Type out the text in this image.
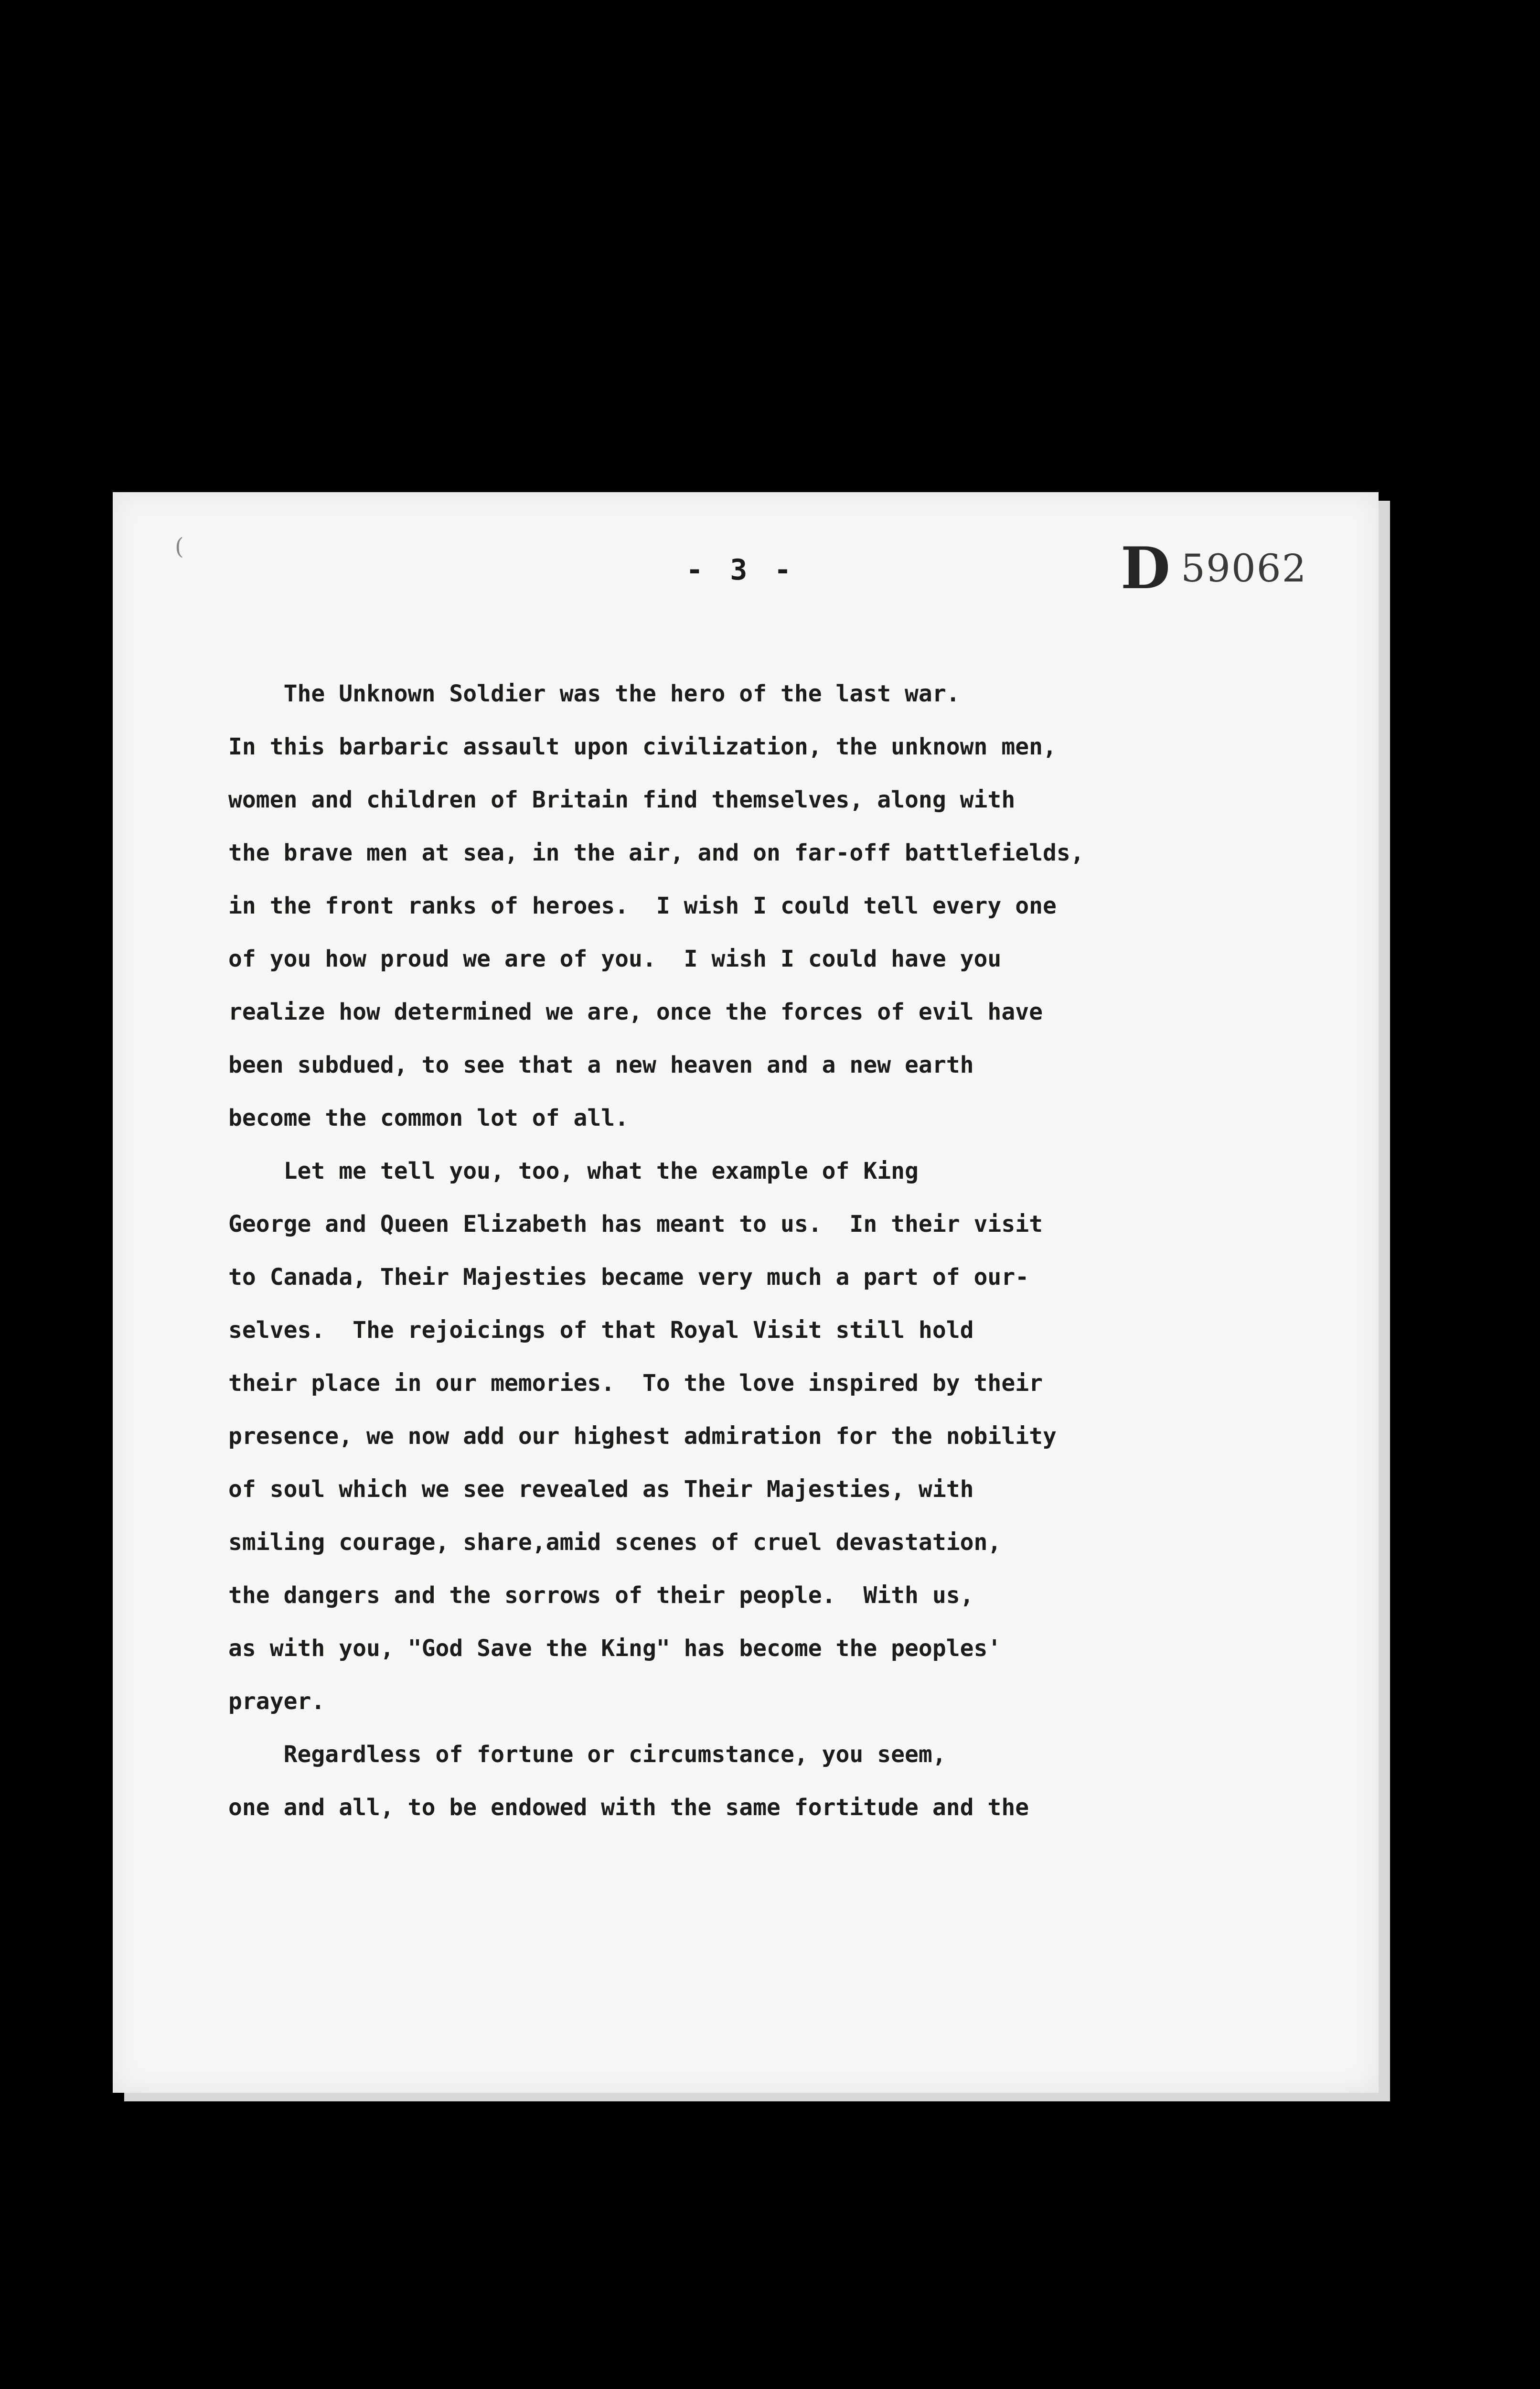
(
- 3 -	D 59062

The Unknown Soldier was the hero of the last war.

In this barbaric assault upon civilization, the unknown men,

women and children of Britain find themselves, along with

the brave men at sea, in the air, and on far-off battlefields,

in the front ranks of heroes.  I wish I could tell every one

of you how proud we are of you.  I wish I could have you

realize how determined we are, once the forces of evil have

been subdued, to see that a new heaven and a new earth

become the common lot of all.

Let me tell you, too, what the example of King

George and Queen Elizabeth has meant to us.  In their visit

to Canada, Their Majesties became very much a part of our-

selves.  The rejoicings of that Royal Visit still hold

their place in our memories.  To the love inspired by their

presence, we now add our highest admiration for the nobility

of soul which we see revealed as Their Majesties, with

smiling courage, share,amid scenes of cruel devastation,

the dangers and the sorrows of their people.  With us,

as with you, "God Save the King" has become the peoples'

prayer.

Regardless of fortune or circumstance, you seem,

one and all, to be endowed with the same fortitude and the
